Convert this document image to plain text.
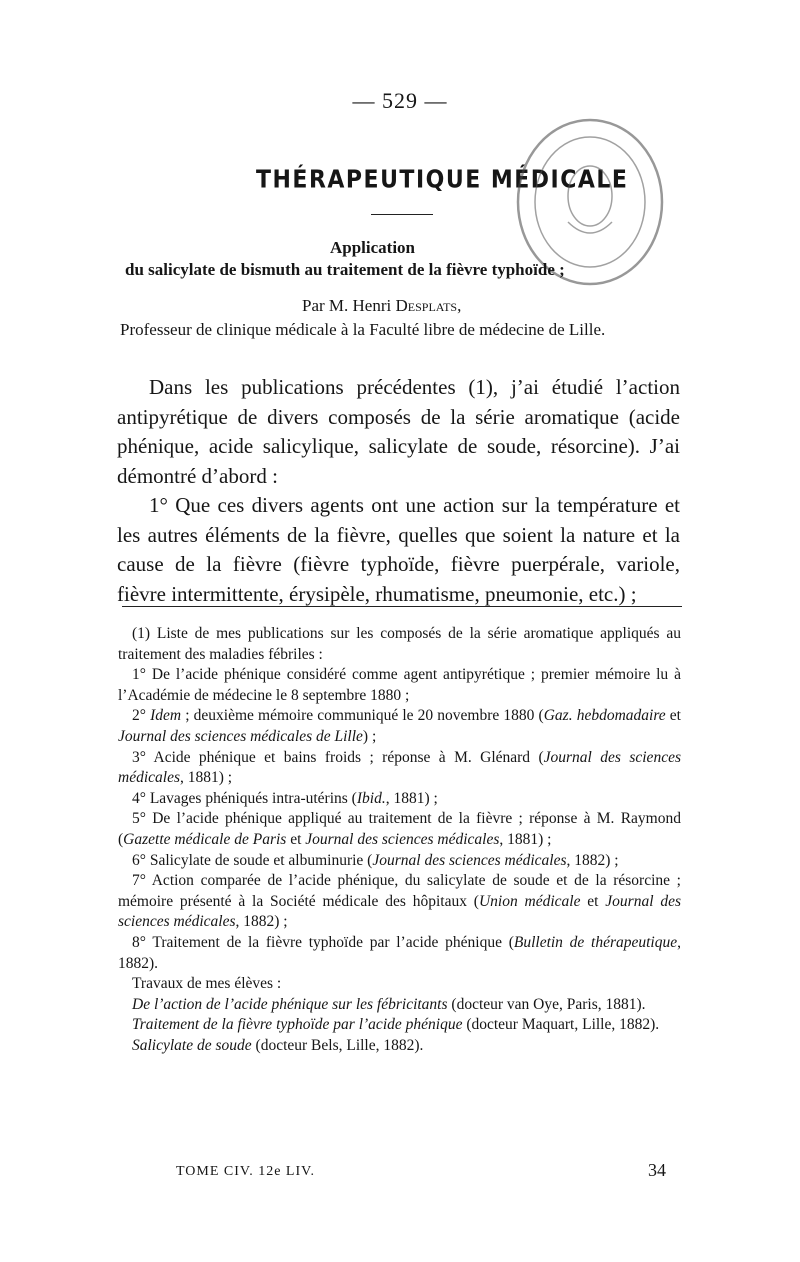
— 529 —
THÉRAPEUTIQUE MÉDICALE
Application
du salicylate de bismuth au traitement de la fièvre typhoïde ;
Par M. Henri Desplats,
Professeur de clinique médicale à la Faculté libre de médecine de Lille.

Dans les publications précédentes (1), j’ai étudié l’action antipyrétique de divers composés de la série aromatique (acide phénique, acide salicylique, salicylate de soude, résorcine). J’ai démontré d’abord :

1° Que ces divers agents ont une action sur la température et les autres éléments de la fièvre, quelles que soient la nature et la cause de la fièvre (fièvre typhoïde, fièvre puerpérale, variole, fièvre intermittente, érysipèle, rhumatisme, pneumonie, etc.) ;

(1) Liste de mes publications sur les composés de la série aromatique appliqués au traitement des maladies fébriles :

1° De l’acide phénique considéré comme agent antipyrétique ; premier mémoire lu à l’Académie de médecine le 8 septembre 1880 ;

2° Idem ; deuxième mémoire communiqué le 20 novembre 1880 (Gaz. hebdomadaire et Journal des sciences médicales de Lille) ;

3° Acide phénique et bains froids ; réponse à M. Glénard (Journal des sciences médicales, 1881) ;

4° Lavages phéniqués intra-utérins (Ibid., 1881) ;

5° De l’acide phénique appliqué au traitement de la fièvre ; réponse à M. Raymond (Gazette médicale de Paris et Journal des sciences médicales, 1881) ;

6° Salicylate de soude et albuminurie (Journal des sciences médicales, 1882) ;

7° Action comparée de l’acide phénique, du salicylate de soude et de la résorcine ; mémoire présenté à la Société médicale des hôpitaux (Union médicale et Journal des sciences médicales, 1882) ;

8° Traitement de la fièvre typhoïde par l’acide phénique (Bulletin de thérapeutique, 1882).

Travaux de mes élèves :

De l’action de l’acide phénique sur les fébricitants (docteur van Oye, Paris, 1881).

Traitement de la fièvre typhoïde par l’acide phénique (docteur Maquart, Lille, 1882).

Salicylate de soude (docteur Bels, Lille, 1882).

TOME CIV. 12e LIV.	34
